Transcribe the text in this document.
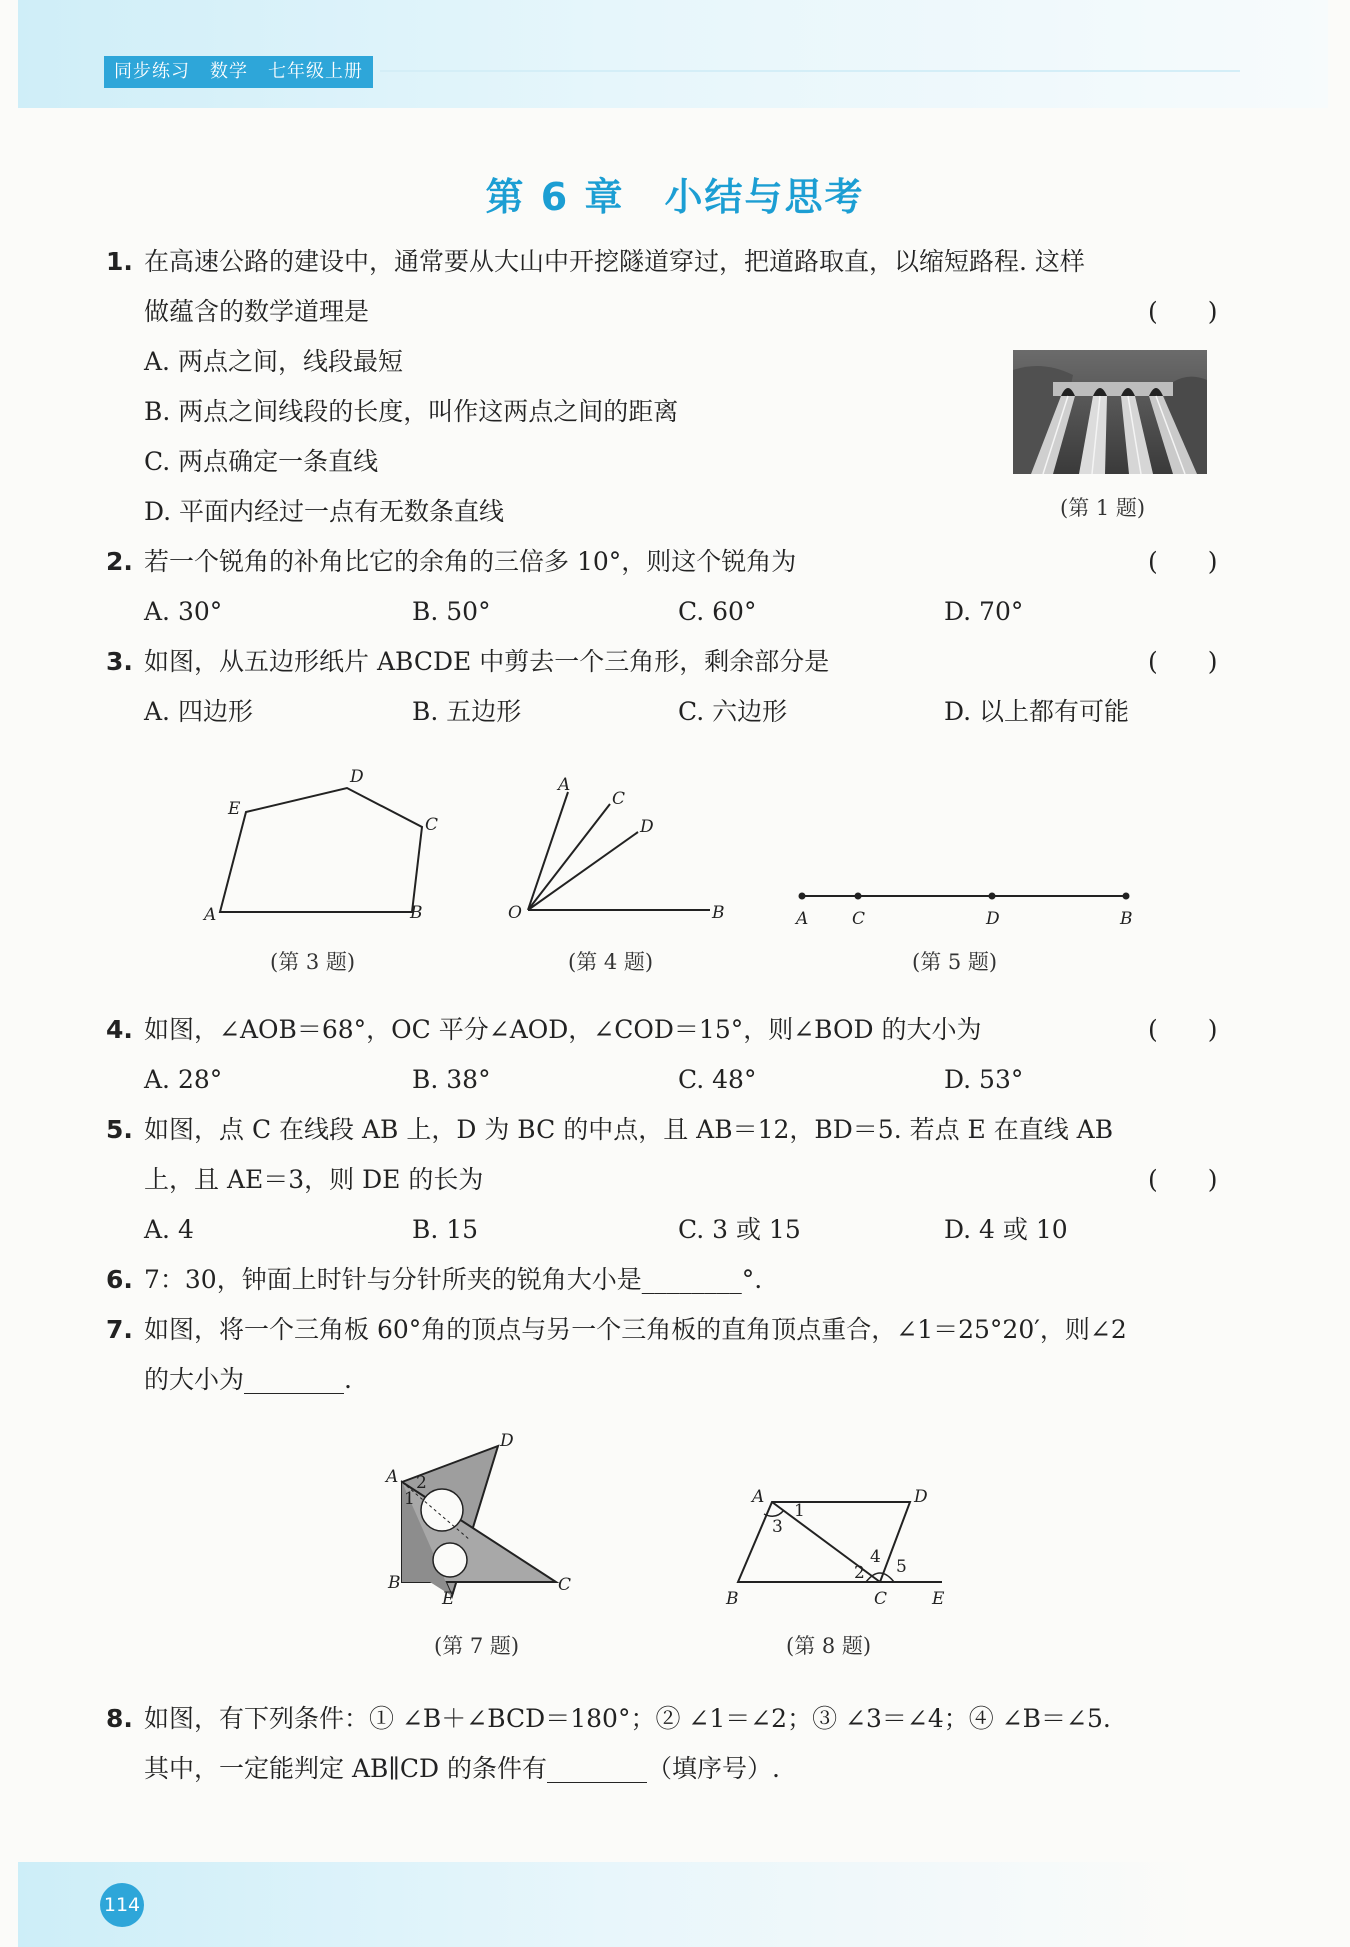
同步练习 数学 七年级上册
第 6 章　小结与思考
1. 在高速公路的建设中，通常要从大山中开挖隧道穿过，把道路取直，以缩短路程. 这样
做蕴含的数学道理是	(　　)
A. 两点之间，线段最短
B. 两点之间线段的长度，叫作这两点之间的距离
C. 两点确定一条直线
D. 平面内经过一点有无数条直线	(第 1 题)
2. 若一个锐角的补角比它的余角的三倍多 10°，则这个锐角为	(　　)
A. 30°	B. 50°	C. 60°	D. 70°
3. 如图，从五边形纸片 ABCDE 中剪去一个三角形，剩余部分是	(　　)
A. 四边形	B. 五边形	C. 六边形	D. 以上都有可能
A	B
C
D
E
(第 3 题)
O
A
B
C
D
(第 4 题)
A	C	D	B
(第 5 题)
4. 如图，∠AOB＝68°，OC 平分∠AOD，∠COD＝15°，则∠BOD 的大小为	(　　)
A. 28°	B. 38°	C. 48°	D. 53°
5. 如图，点 C 在线段 AB 上，D 为 BC 的中点，且 AB＝12，BD＝5. 若点 E 在直线 AB
上，且 AE＝3，则 DE 的长为	(　　)
A. 4	B. 15	C. 3 或 15	D. 4 或 10
6. 7：30，钟面上时针与分针所夹的锐角大小是________°.
7. 如图，将一个三角板 60°角的顶点与另一个三角板的直角顶点重合，∠1＝25°20′，则∠2
的大小为________.
A
B	C
D
E
1
2
(第 7 题)
A
B	C
D
E
1
2
3
4 5
(第 8 题)
8. 如图，有下列条件：① ∠B＋∠BCD＝180°；② ∠1＝∠2；③ ∠3＝∠4；④ ∠B＝∠5.
其中，一定能判定 AB∥CD 的条件有________（填序号）.
114
